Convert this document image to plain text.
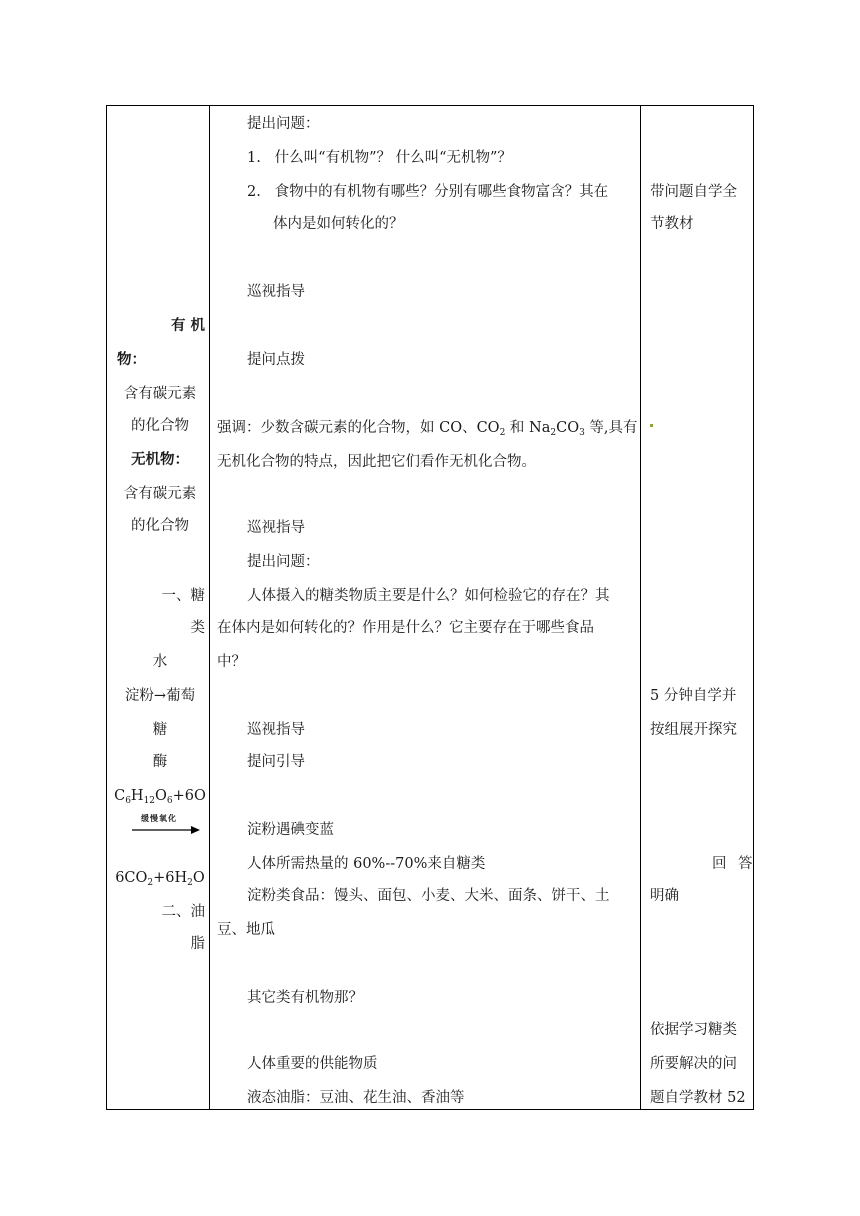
有 机
物：
含有碳元素
的化合物
无机物：
含有碳元素
的化合物
一、糖
类
水
淀粉→葡萄
糖
酶
$C_6H_{12}O_6+6O$
缓慢氧化
$6CO_2+6H_2O$
二、油
脂
提出问题：
1. 什么叫“有机物”？ 什么叫“无机物”？
2. 食物中的有机物有哪些？分别有哪些食物富含？其在
体内是如何转化的？
巡视指导
提问点拨
强调：少数含碳元素的化合物，如 CO、$CO_2$ 和 $Na_2CO_3$ 等,具有
无机化合物的特点，因此把它们看作无机化合物。
巡视指导
提出问题：
人体摄入的糖类物质主要是什么？如何检验它的存在？其
在体内是如何转化的？作用是什么？它主要存在于哪些食品
中？
巡视指导
提问引导
淀粉遇碘变蓝
人体所需热量的 60%--70%来自糖类
淀粉类食品：馒头、面包、小麦、大米、面条、饼干、土
豆、地瓜
其它类有机物那？
人体重要的供能物质
液态油脂：豆油、花生油、香油等
带问题自学全
节教材
5 分钟自学并
按组展开探究
回 答
明确
依据学习糖类
所要解决的问
题自学教材 52
